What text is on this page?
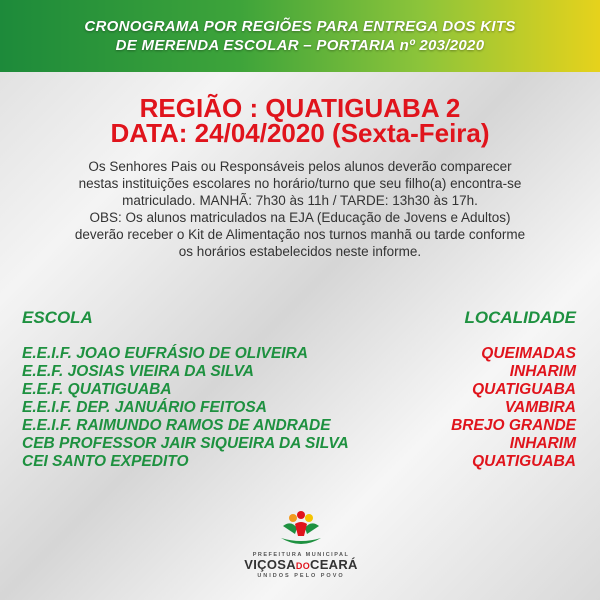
CRONOGRAMA POR REGIÕES PARA ENTREGA DOS KITS
DE MERENDA ESCOLAR – PORTARIA nº 203/2020
REGIÃO : QUATIGUABA 2
DATA: 24/04/2020 (Sexta-Feira)
Os Senhores Pais ou Responsáveis pelos alunos deverão comparecer
nestas instituições escolares no horário/turno que seu filho(a) encontra-se
matriculado. MANHÃ: 7h30 às 11h / TARDE: 13h30 às 17h.
OBS: Os alunos matriculados na EJA (Educação de Jovens e Adultos)
deverão receber o Kit de Alimentação nos turnos manhã ou tarde conforme
os horários estabelecidos neste informe.
ESCOLA	LOCALIDADE
E.E.I.F. JOAO EUFRÁSIO DE OLIVEIRA
E.E.F. JOSIAS VIEIRA DA SILVA
E.E.F. QUATIGUABA
E.E.I.F. DEP. JANUÁRIO FEITOSA
E.E.I.F. RAIMUNDO RAMOS DE ANDRADE
CEB PROFESSOR JAIR SIQUEIRA DA SILVA
CEI SANTO EXPEDITO
QUEIMADAS
INHARIM
QUATIGUABA
VAMBIRA
BREJO GRANDE
INHARIM
QUATIGUABA
PREFEITURA MUNICIPAL
VIÇOSADOCEARÁ
UNIDOS PELO POVO
